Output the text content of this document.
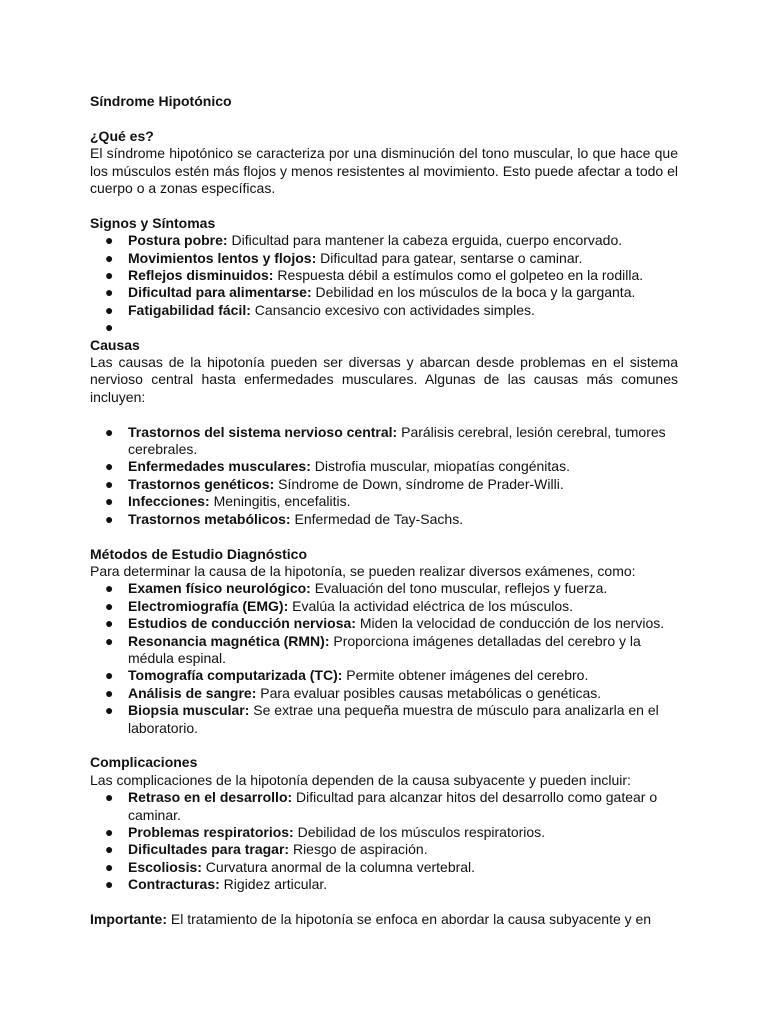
Síndrome Hipotónico

¿Qué es?

El síndrome hipotónico se caracteriza por una disminución del tono muscular, lo que hace que los músculos estén más flojos y menos resistentes al movimiento. Esto puede afectar a todo el cuerpo o a zonas específicas.

Signos y Síntomas

● Postura pobre: Dificultad para mantener la cabeza erguida, cuerpo encorvado.
● Movimientos lentos y flojos: Dificultad para gatear, sentarse o caminar.
● Reflejos disminuidos: Respuesta débil a estímulos como el golpeteo en la rodilla.
● Dificultad para alimentarse: Debilidad en los músculos de la boca y la garganta.
● Fatigabilidad fácil: Cansancio excesivo con actividades simples.
●

Causas

Las causas de la hipotonía pueden ser diversas y abarcan desde problemas en el sistema nervioso central hasta enfermedades musculares. Algunas de las causas más comunes incluyen:

● Trastornos del sistema nervioso central: Parálisis cerebral, lesión cerebral, tumores cerebrales.
● Enfermedades musculares: Distrofia muscular, miopatías congénitas.
● Trastornos genéticos: Síndrome de Down, síndrome de Prader-Willi.
● Infecciones: Meningitis, encefalitis.
● Trastornos metabólicos: Enfermedad de Tay-Sachs.

Métodos de Estudio Diagnóstico

Para determinar la causa de la hipotonía, se pueden realizar diversos exámenes, como:

● Examen físico neurológico: Evaluación del tono muscular, reflejos y fuerza.
● Electromiografía (EMG): Evalúa la actividad eléctrica de los músculos.
● Estudios de conducción nerviosa: Miden la velocidad de conducción de los nervios.
● Resonancia magnética (RMN): Proporciona imágenes detalladas del cerebro y la médula espinal.
● Tomografía computarizada (TC): Permite obtener imágenes del cerebro.
● Análisis de sangre: Para evaluar posibles causas metabólicas o genéticas.
● Biopsia muscular: Se extrae una pequeña muestra de músculo para analizarla en el laboratorio.

Complicaciones

Las complicaciones de la hipotonía dependen de la causa subyacente y pueden incluir:

● Retraso en el desarrollo: Dificultad para alcanzar hitos del desarrollo como gatear o caminar.
● Problemas respiratorios: Debilidad de los músculos respiratorios.
● Dificultades para tragar: Riesgo de aspiración.
● Escoliosis: Curvatura anormal de la columna vertebral.
● Contracturas: Rigidez articular.

Importante: El tratamiento de la hipotonía se enfoca en abordar la causa subyacente y en
